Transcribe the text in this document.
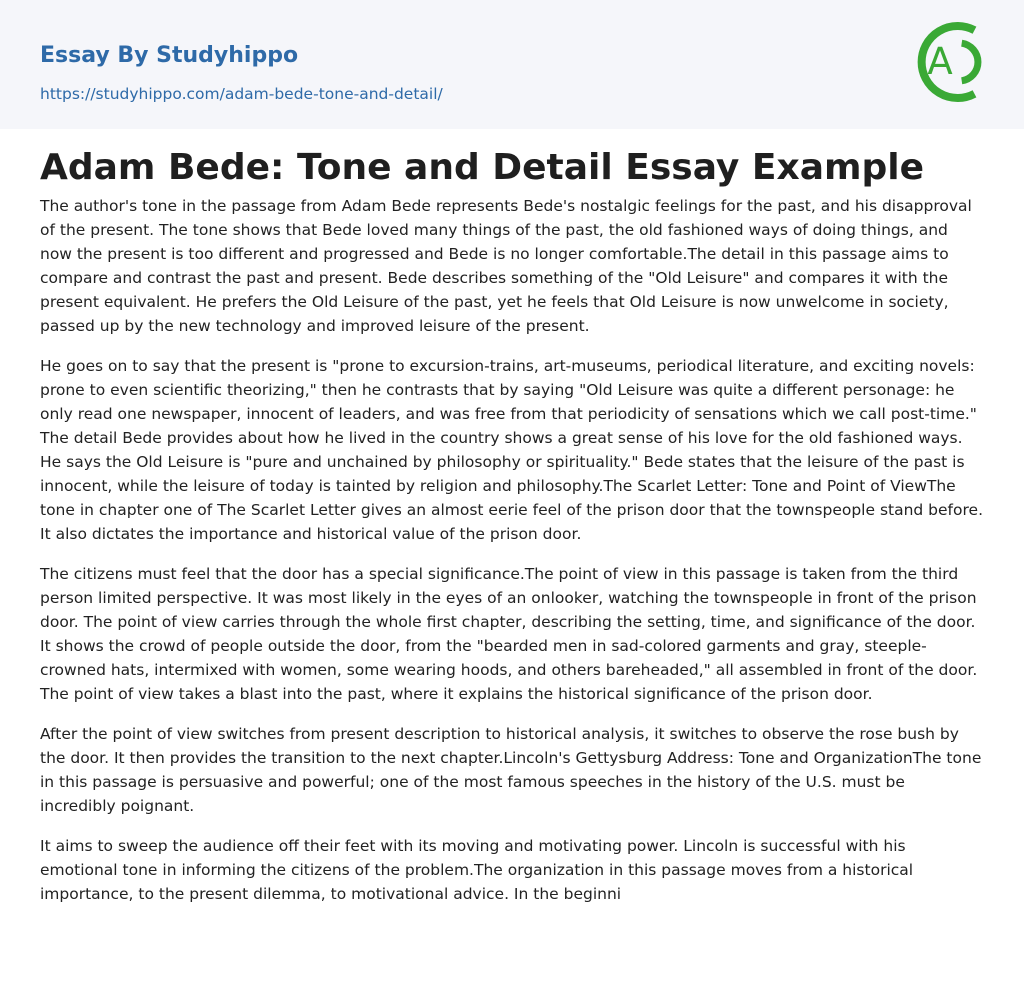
Essay By Studyhippo
https://studyhippo.com/adam-bede-tone-and-detail/
A
Adam Bede: Tone and Detail Essay Example

The author's tone in the passage from Adam Bede represents Bede's nostalgic feelings for the past, and his disapproval of the present. The tone shows that Bede loved many things of the past, the old fashioned ways of doing things, and now the present is too different and progressed and Bede is no longer comfortable.The detail in this passage aims to compare and contrast the past and present. Bede describes something of the "Old Leisure" and compares it with the present equivalent. He prefers the Old Leisure of the past, yet he feels that Old Leisure is now unwelcome in society, passed up by the new technology and improved leisure of the present.

He goes on to say that the present is "prone to excursion-trains, art-museums, periodical literature, and exciting novels: prone to even scientific theorizing," then he contrasts that by saying "Old Leisure was quite a different personage: he only read one newspaper, innocent of leaders, and was free from that periodicity of sensations which we call post-time." The detail Bede provides about how he lived in the country shows a great sense of his love for the old fashioned ways. He says the Old Leisure is "pure and unchained by philosophy or spirituality." Bede states that the leisure of the past is innocent, while the leisure of today is tainted by religion and philosophy.The Scarlet Letter: Tone and Point of ViewThe tone in chapter one of The Scarlet Letter gives an almost eerie feel of the prison door that the townspeople stand before. It also dictates the importance and historical value of the prison door.

The citizens must feel that the door has a special significance.The point of view in this passage is taken from the third person limited perspective. It was most likely in the eyes of an onlooker, watching the townspeople in front of the prison door. The point of view carries through the whole first chapter, describing the setting, time, and significance of the door. It shows the crowd of people outside the door, from the "bearded men in sad-colored garments and gray, steeple-crowned hats, intermixed with women, some wearing hoods, and others bareheaded," all assembled in front of the door. The point of view takes a blast into the past, where it explains the historical significance of the prison door.

After the point of view switches from present description to historical analysis, it switches to observe the rose bush by the door. It then provides the transition to the next chapter.Lincoln's Gettysburg Address: Tone and OrganizationThe tone in this passage is persuasive and powerful; one of the most famous speeches in the history of the U.S. must be incredibly poignant.

It aims to sweep the audience off their feet with its moving and motivating power. Lincoln is successful with his emotional tone in informing the citizens of the problem.The organization in this passage moves from a historical importance, to the present dilemma, to motivational advice. In the beginni
